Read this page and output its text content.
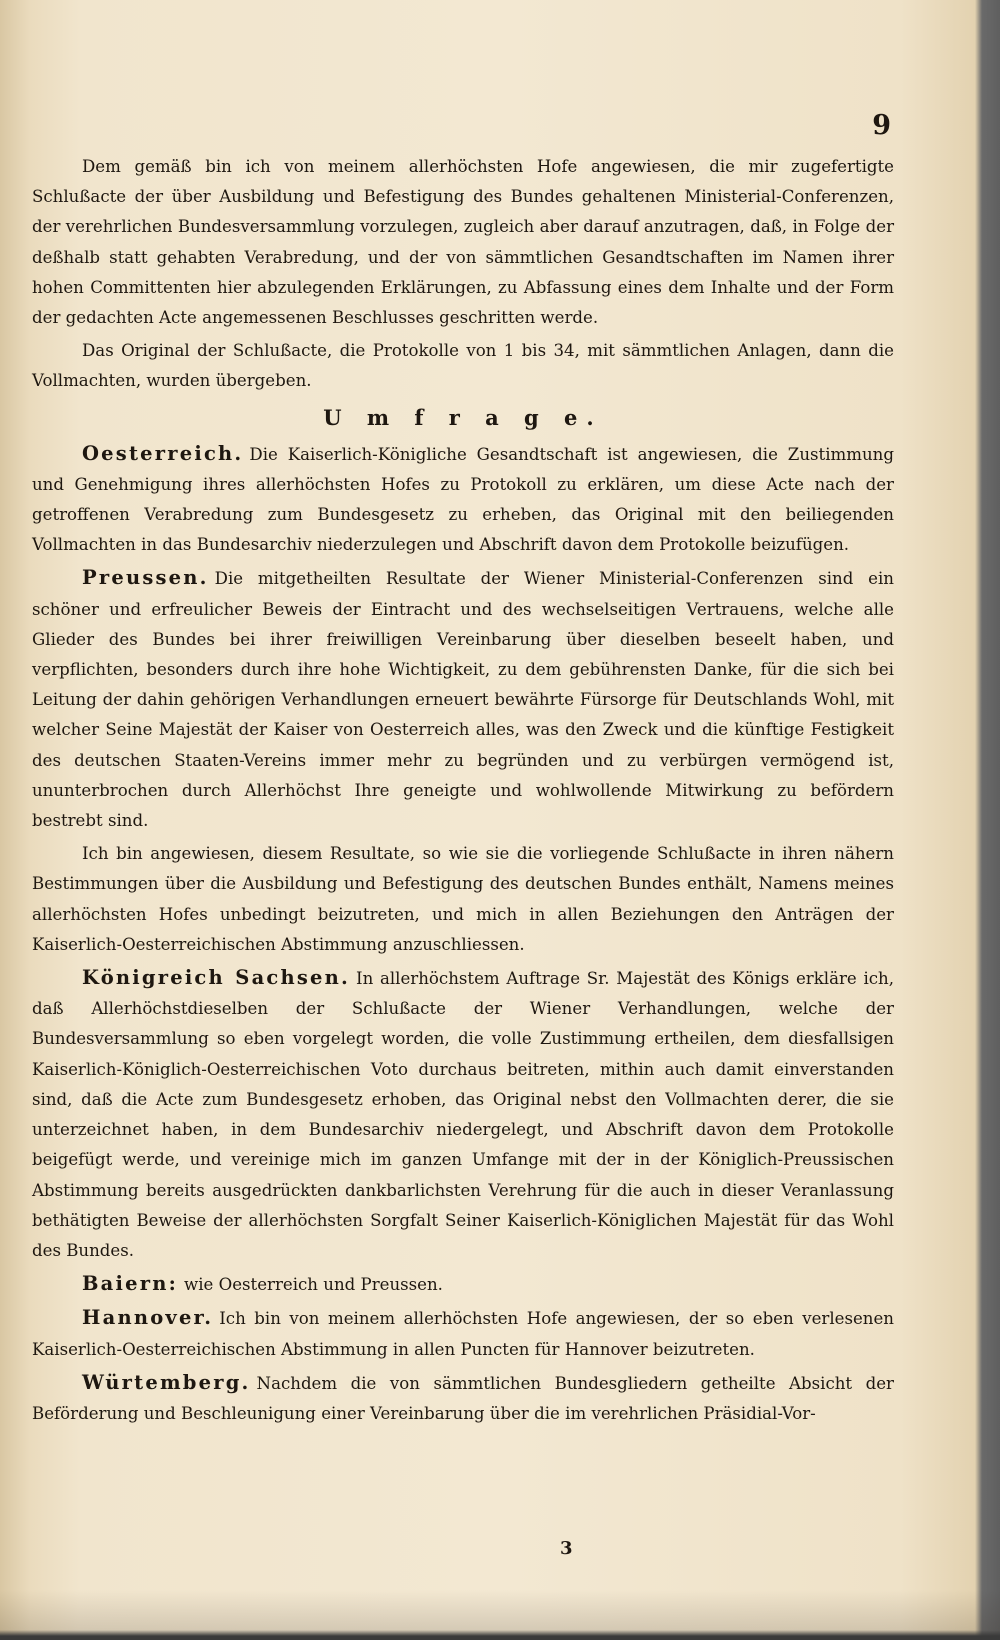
9

Dem gemäß bin ich von meinem allerhöchsten Hofe angewiesen, die mir zugefertigte Schlußacte der über Ausbildung und Befestigung des Bundes gehaltenen Ministerial-Conferenzen, der verehrlichen Bundesversammlung vorzulegen, zugleich aber darauf anzutragen, daß, in Folge der deßhalb statt gehabten Verabredung, und der von sämmtlichen Gesandtschaften im Namen ihrer hohen Committenten hier abzulegenden Erklärungen, zu Abfassung eines dem Inhalte und der Form der gedachten Acte angemessenen Beschlusses geschritten werde.

Das Original der Schlußacte, die Protokolle von 1 bis 34, mit sämmtlichen Anlagen, dann die Vollmachten, wurden übergeben.

U m f r a g e.

Oesterreich. Die Kaiserlich-Königliche Gesandtschaft ist angewiesen, die Zustimmung und Genehmigung ihres allerhöchsten Hofes zu Protokoll zu erklären, um diese Acte nach der getroffenen Verabredung zum Bundesgesetz zu erheben, das Original mit den beiliegenden Vollmachten in das Bundesarchiv niederzulegen und Abschrift davon dem Protokolle beizufügen.

Preussen. Die mitgetheilten Resultate der Wiener Ministerial-Conferenzen sind ein schöner und erfreulicher Beweis der Eintracht und des wechselseitigen Vertrauens, welche alle Glieder des Bundes bei ihrer freiwilligen Vereinbarung über dieselben beseelt haben, und verpflichten, besonders durch ihre hohe Wichtigkeit, zu dem gebührensten Danke, für die sich bei Leitung der dahin gehörigen Verhandlungen erneuert bewährte Fürsorge für Deutschlands Wohl, mit welcher Seine Majestät der Kaiser von Oesterreich alles, was den Zweck und die künftige Festigkeit des deutschen Staaten-Vereins immer mehr zu begründen und zu verbürgen vermögend ist, ununterbrochen durch Allerhöchst Ihre geneigte und wohlwollende Mitwirkung zu befördern bestrebt sind.

Ich bin angewiesen, diesem Resultate, so wie sie die vorliegende Schlußacte in ihren nähern Bestimmungen über die Ausbildung und Befestigung des deutschen Bundes enthält, Namens meines allerhöchsten Hofes unbedingt beizutreten, und mich in allen Beziehungen den Anträgen der Kaiserlich-Oesterreichischen Abstimmung anzuschliessen.

Königreich Sachsen. In allerhöchstem Auftrage Sr. Majestät des Königs erkläre ich, daß Allerhöchstdieselben der Schlußacte der Wiener Verhandlungen, welche der Bundesversammlung so eben vorgelegt worden, die volle Zustimmung ertheilen, dem diesfallsigen Kaiserlich-Königlich-Oesterreichischen Voto durchaus beitreten, mithin auch damit einverstanden sind, daß die Acte zum Bundesgesetz erhoben, das Original nebst den Vollmachten derer, die sie unterzeichnet haben, in dem Bundesarchiv niedergelegt, und Abschrift davon dem Protokolle beigefügt werde, und vereinige mich im ganzen Umfange mit der in der Königlich-Preussischen Abstimmung bereits ausgedrückten dankbarlichsten Verehrung für die auch in dieser Veranlassung bethätigten Beweise der allerhöchsten Sorgfalt Seiner Kaiserlich-Königlichen Majestät für das Wohl des Bundes.

Baiern: wie Oesterreich und Preussen.

Hannover. Ich bin von meinem allerhöchsten Hofe angewiesen, der so eben verlesenen Kaiserlich-Oesterreichischen Abstimmung in allen Puncten für Hannover beizutreten.

Würtemberg. Nachdem die von sämmtlichen Bundesgliedern getheilte Absicht der Beförderung und Beschleunigung einer Vereinbarung über die im verehrlichen Präsidial-Vor-

3
